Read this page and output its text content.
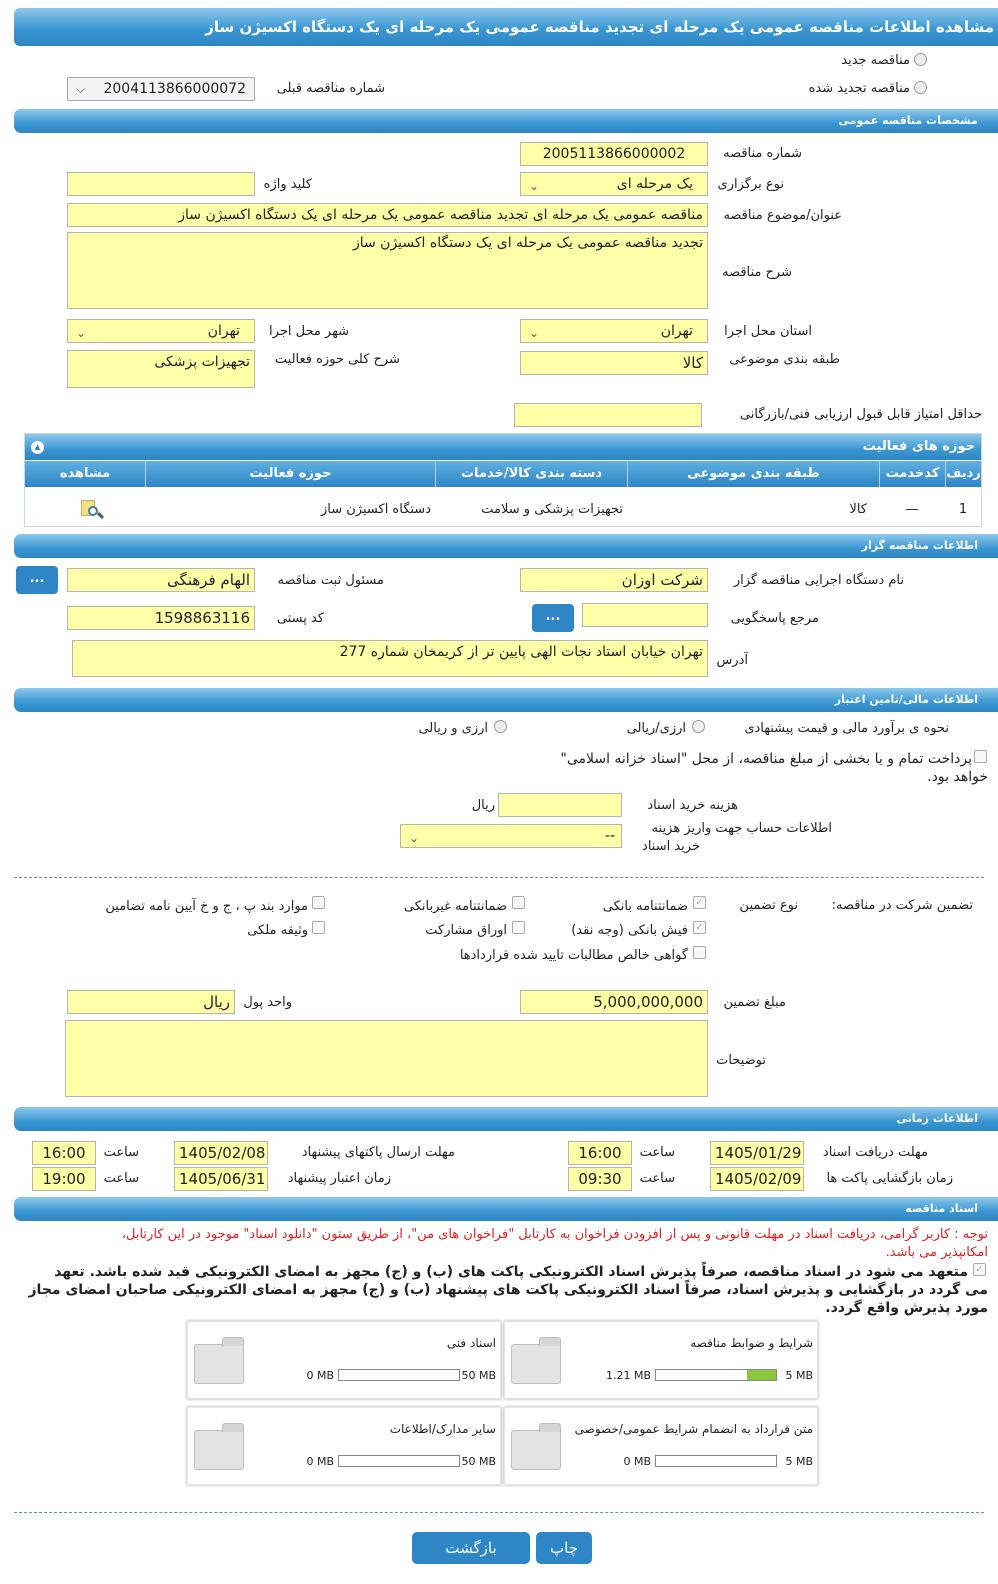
مشاهده اطلاعات مناقصه عمومی یک مرحله ای تجدید مناقصه عمومی یک مرحله ای یک دستگاه اکسیژن ساز
مناقصه جدید
مناقصه تجدید شده
شماره مناقصه قبلی
2004113866000072
⌵
مشخصات مناقصه عمومی
شماره مناقصه
2005113866000002
نوع برگزاری
یک مرحله ای
⌄
کلید واژه
عنوان/موضوع مناقصه
مناقصه عمومی یک مرحله ای تجدید مناقصه عمومی یک مرحله ای یک دستگاه اکسیژن ساز
شرح مناقصه
تجدید مناقصه عمومی یک مرحله ای یک دستگاه اکسیژن ساز
استان محل اجرا
تهران
⌄
شهر محل اجرا
تهران
⌄
طبقه بندی موضوعی
کالا
شرح کلی حوزه فعالیت
تجهیزات پزشکی
حداقل امتیاز قابل قبول ارزیابی فنی/بازرگانی
حوزه های فعالیت
▴
ردیف
کدخدمت
طبقه بندی موضوعی
دسته بندی کالا/خدمات
حوزه فعالیت
مشاهده
1
—
کالا
تجهیزات پزشکی و سلامت
دستگاه اکسیژن ساز
اطلاعات مناقصه گزار
نام دستگاه اجرایی مناقصه گزار
شرکت اوزان
مسئول ثبت مناقصه
الهام فرهنگی
...
مرجع پاسخگویی
...
کد پستی
1598863116
آدرس
تهران خیابان استاد نجات الهی پایین تر از کریمخان شماره 277
اطلاعات مالی/تامین اعتبار
نحوه ی برآورد مالی و قیمت پیشنهادی
ارزی/ریالی
ارزی و ریالی
پرداخت تمام و یا بخشی از مبلغ مناقصه، از محل "اسناد خزانه اسلامی"
خواهد بود.
هزینه خرید اسناد
ریال
اطلاعات حساب جهت واریز هزینه
خرید اسناد
--
⌄
تضمین شرکت در مناقصه:
نوع تضمین
✓
ضمانتنامه بانکی
ضمانتنامه غیربانکی
موارد بند پ ، ج و خ آیین نامه تضامین
✓
فیش بانکی (وجه نقد)
اوراق مشارکت
وثیقه ملکی
گواهی خالص مطالبات تایید شده قراردادها
مبلغ تضمین
5,000,000,000
واحد پول
ریال
توضیحات
اطلاعات زمانی
مهلت دریافت اسناد
1405/01/29
ساعت
16:00
مهلت ارسال پاکتهای پیشنهاد
1405/02/08
ساعت
16:00
زمان بازگشایی پاکت ها
1405/02/09
ساعت
09:30
زمان اعتبار پیشنهاد
1405/06/31
ساعت
19:00
اسناد مناقصه
توجه : کاربر گرامی، دریافت اسناد در مهلت قانونی و پس از افزودن فراخوان به کارتابل "فراخوان های من"، از طریق ستون "دانلود اسناد" موجود در این کارتابل،
امکانپذیر می باشد.
✓
متعهد می شود در اسناد مناقصه، صرفاً پذیرش اسناد الکترونیکی پاکت های (ب) و (ج) مجهز به امضای الکترونیکی قید شده باشد. تعهد
می گردد در بازگشایی و پذیرش اسناد، صرفاً اسناد الکترونیکی پاکت های پیشنهاد (ب) و (ج) مجهز به امضای الکترونیکی صاحبان امضای مجاز
مورد پذیرش واقع گردد.
شرایط و ضوابط مناقصه
5 MB
1.21 MB
اسناد فنی
50 MB
0 MB
متن قرارداد به انضمام شرایط عمومی/خصوصی
5 MB
0 MB
سایر مدارک/اطلاعات
50 MB
0 MB
چاپ
بازگشت
